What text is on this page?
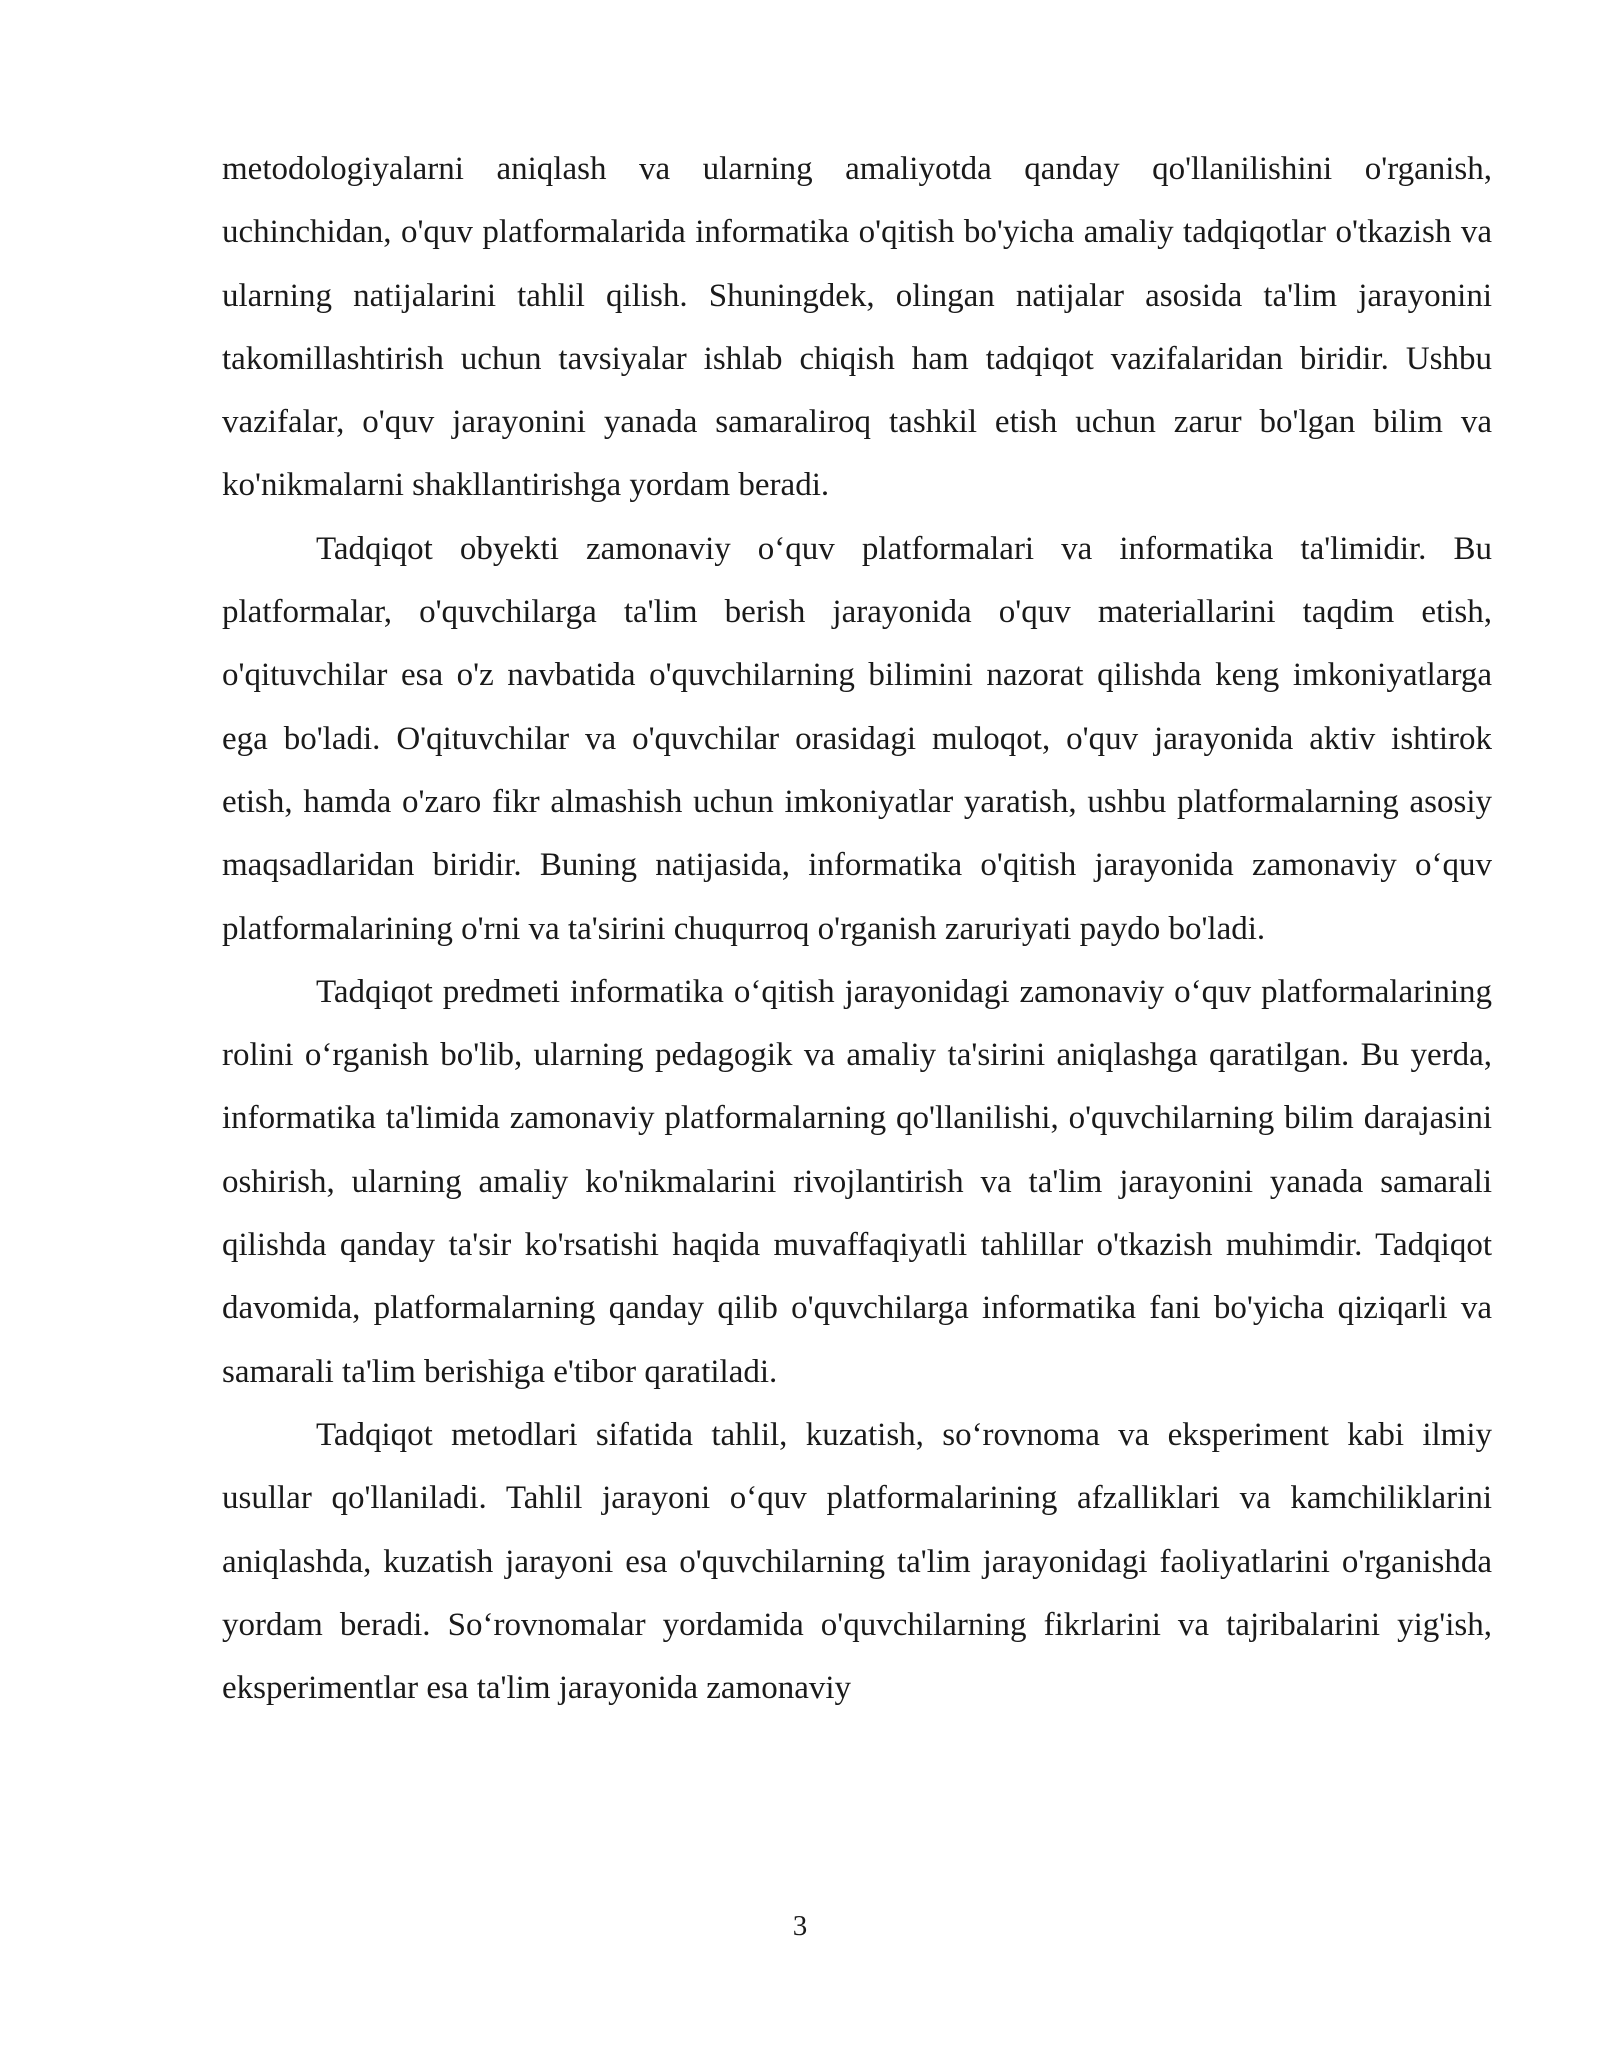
metodologiyalarni aniqlash va ularning amaliyotda qanday qo'llanilishini o'rganish, uchinchidan, o'quv platformalarida informatika o'qitish bo'yicha amaliy tadqiqotlar o'tkazish va ularning natijalarini tahlil qilish. Shuningdek, olingan natijalar asosida ta'lim jarayonini takomillashtirish uchun tavsiyalar ishlab chiqish ham tadqiqot vazifalaridan biridir. Ushbu vazifalar, o'quv jarayonini yanada samaraliroq tashkil etish uchun zarur bo'lgan bilim va ko'nikmalarni shakllantirishga yordam beradi.

Tadqiqot obyekti zamonaviy o‘quv platformalari va informatika ta'limidir. Bu platformalar, o'quvchilarga ta'lim berish jarayonida o'quv materiallarini taqdim etish, o'qituvchilar esa o'z navbatida o'quvchilarning bilimini nazorat qilishda keng imkoniyatlarga ega bo'ladi. O'qituvchilar va o'quvchilar orasidagi muloqot, o'quv jarayonida aktiv ishtirok etish, hamda o'zaro fikr almashish uchun imkoniyatlar yaratish, ushbu platformalarning asosiy maqsadlaridan biridir. Buning natijasida, informatika o'qitish jarayonida zamonaviy o‘quv platformalarining o'rni va ta'sirini chuqurroq o'rganish zaruriyati paydo bo'ladi.

Tadqiqot predmeti informatika o‘qitish jarayonidagi zamonaviy o‘quv platformalarining rolini o‘rganish bo'lib, ularning pedagogik va amaliy ta'sirini aniqlashga qaratilgan. Bu yerda, informatika ta'limida zamonaviy platformalarning qo'llanilishi, o'quvchilarning bilim darajasini oshirish, ularning amaliy ko'nikmalarini rivojlantirish va ta'lim jarayonini yanada samarali qilishda qanday ta'sir ko'rsatishi haqida muvaffaqiyatli tahlillar o'tkazish muhimdir. Tadqiqot davomida, platformalarning qanday qilib o'quvchilarga informatika fani bo'yicha qiziqarli va samarali ta'lim berishiga e'tibor qaratiladi.

Tadqiqot metodlari sifatida tahlil, kuzatish, so‘rovnoma va eksperiment kabi ilmiy usullar qo'llaniladi. Tahlil jarayoni o‘quv platformalarining afzalliklari va kamchiliklarini aniqlashda, kuzatish jarayoni esa o'quvchilarning ta'lim jarayonidagi faoliyatlarini o'rganishda yordam beradi. So‘rovnomalar yordamida o'quvchilarning fikrlarini va tajribalarini yig'ish, eksperimentlar esa ta'lim jarayonida zamonaviy

3
